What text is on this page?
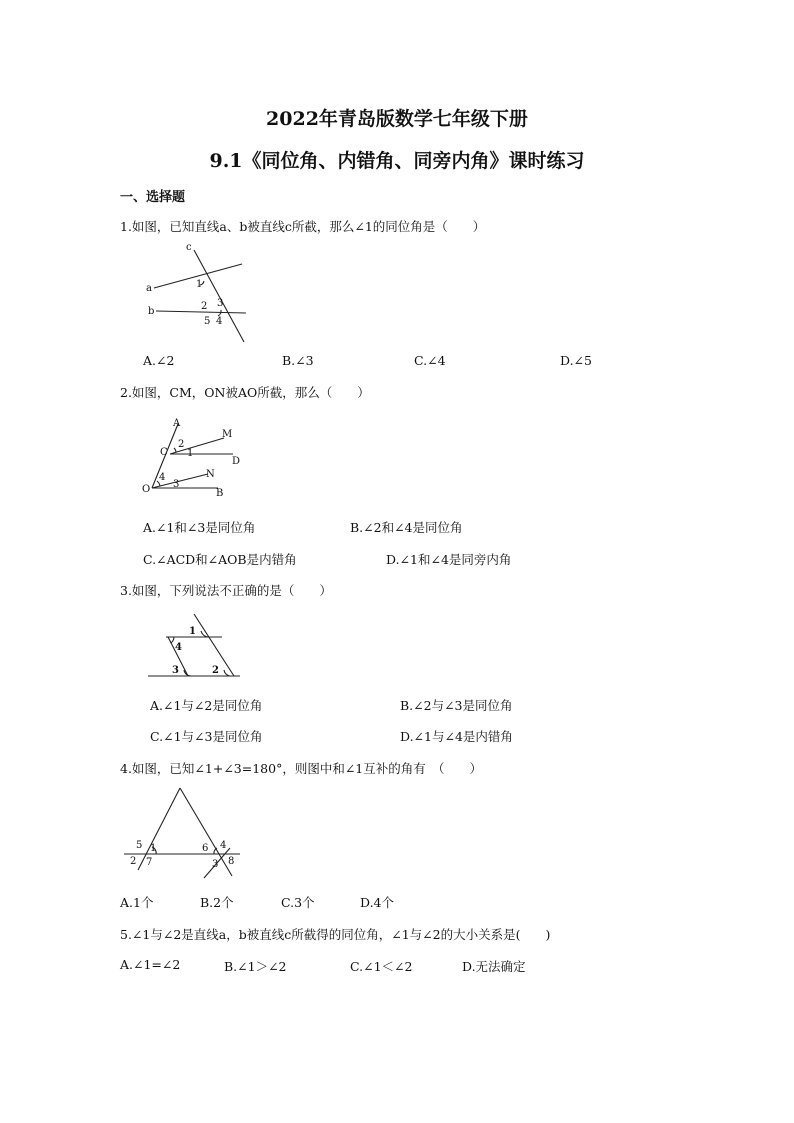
2022年青岛版数学七年级下册
9.1《同位角、内错角、同旁内角》课时练习
一、选择题
1.如图，已知直线a、b被直线c所截，那么∠1的同位角是（　　）
c
a
b
1
2 3
5 4
A.∠2	B.∠3	C.∠4	D.∠5
2.如图，CM，ON被AO所截，那么（　　）
A
M
C
2
1
D
4	N
O 3
B
A.∠1和∠3是同位角	B.∠2和∠4是同位角
C.∠ACD和∠AOB是内错角	D.∠1和∠4是同旁内角
3.如图，下列说法不正确的是（　　）
1
4
3	2
A.∠1与∠2是同位角	B.∠2与∠3是同位角
C.∠1与∠3是同位角	D.∠1与∠4是内错角
4.如图，已知∠1+∠3=180°，则图中和∠1互补的角有　（　　）
5 1
2 7
6 4
3 8
A.1个	B.2个	C.3个	D.4个
5.∠1与∠2是直线a，b被直线c所截得的同位角，∠1与∠2的大小关系是(　　)
A.∠1=∠2	B.∠1＞∠2	C.∠1＜∠2	D.无法确定
